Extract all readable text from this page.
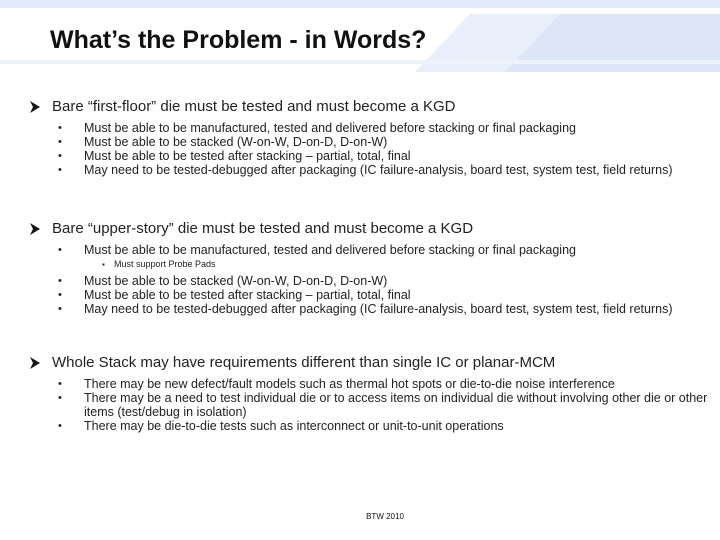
What’s the Problem - in Words?
Bare “first-floor” die must be tested and must become a KGD
• Must be able to be manufactured, tested and delivered before stacking or final packaging
• Must be able to be stacked (W-on-W, D-on-D, D-on-W)
• Must be able to be tested after stacking – partial, total, final
• May need to be tested-debugged after packaging (IC failure-analysis, board test, system test, field returns)
Bare “upper-story” die must be tested and must become a KGD
• Must be able to be manufactured, tested and delivered before stacking or final packaging
▪ Must support Probe Pads
• Must be able to be stacked (W-on-W, D-on-D, D-on-W)
• Must be able to be tested after stacking – partial, total, final
• May need to be tested-debugged after packaging (IC failure-analysis, board test, system test, field returns)
Whole Stack may have requirements different than single IC or planar-MCM
• There may be new defect/fault models such as thermal hot spots or die-to-die noise interference
• There may be a need to test individual die or to access items on individual die without involving other die or other items (test/debug in isolation)
• There may be die-to-die tests such as interconnect or unit-to-unit operations
BTW 2010
